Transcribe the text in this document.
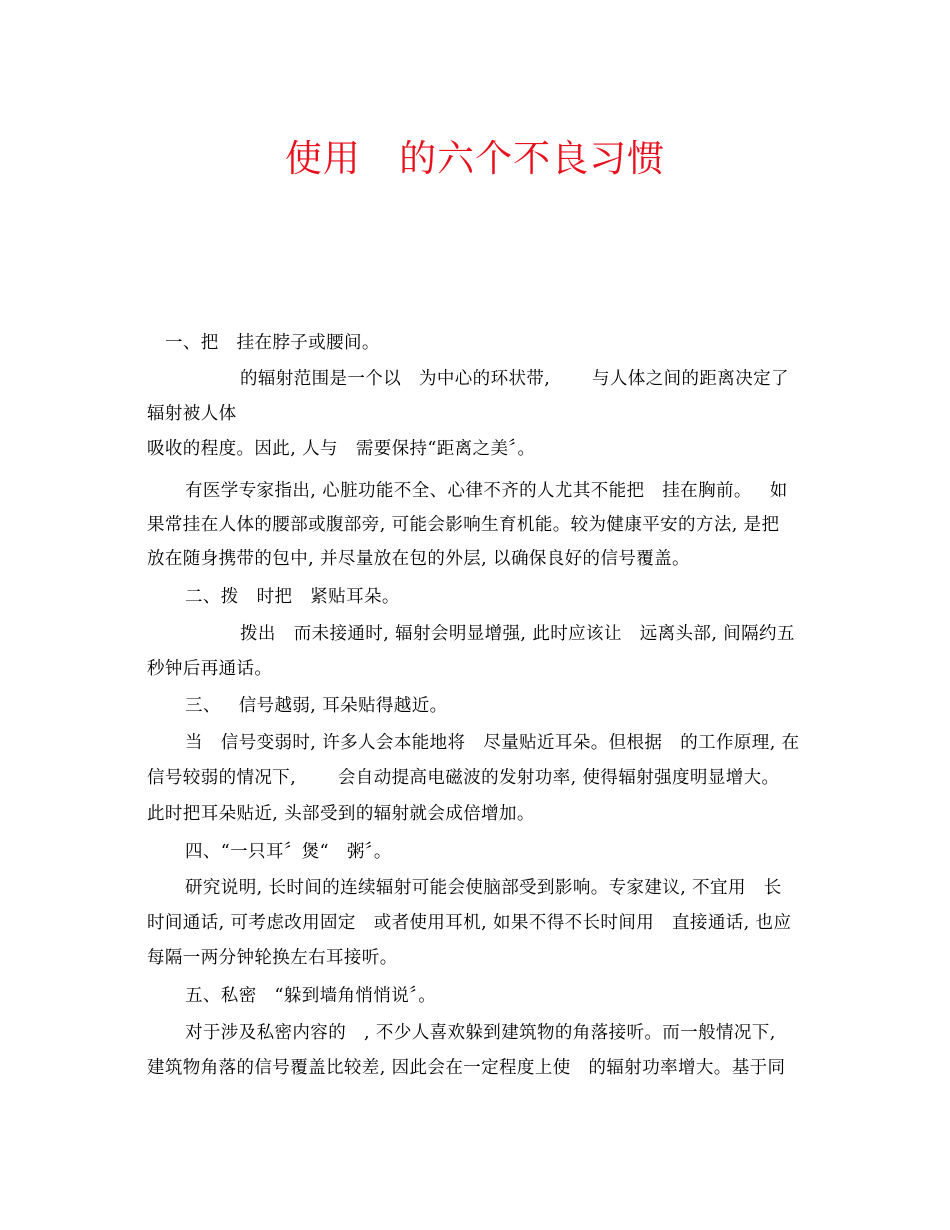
使用   的六个不良习惯
一、把   挂在脖子或腰间。
的辐射范围是一个以   为中心的环状带,       与人体之间的距离决定了
辐射被人体
吸收的程度。因此, 人与   需要保持“距离之美〞。
有医学专家指出, 心脏功能不全、心律不齐的人尤其不能把   挂在胸前。   如
果常挂在人体的腰部或腹部旁, 可能会影响生育机能。较为健康平安的方法, 是把
放在随身携带的包中, 并尽量放在包的外层, 以确保良好的信号覆盖。
二、拨   时把   紧贴耳朵。
拨出   而未接通时, 辐射会明显增强, 此时应该让   远离头部, 间隔约五
秒钟后再通话。
三、   信号越弱, 耳朵贴得越近。
当   信号变弱时, 许多人会本能地将   尽量贴近耳朵。但根据   的工作原理, 在
信号较弱的情况下,       会自动提高电磁波的发射功率, 使得辐射强度明显增大。
此时把耳朵贴近, 头部受到的辐射就会成倍增加。
四、“一只耳〞煲“   粥〞。
研究说明, 长时间的连续辐射可能会使脑部受到影响。专家建议, 不宜用   长
时间通话, 可考虑改用固定   或者使用耳机, 如果不得不长时间用   直接通话, 也应
每隔一两分钟轮换左右耳接听。
五、私密   “躲到墙角悄悄说〞。
对于涉及私密内容的   , 不少人喜欢躲到建筑物的角落接听。而一般情况下,
建筑物角落的信号覆盖比较差, 因此会在一定程度上使   的辐射功率增大。基于同
